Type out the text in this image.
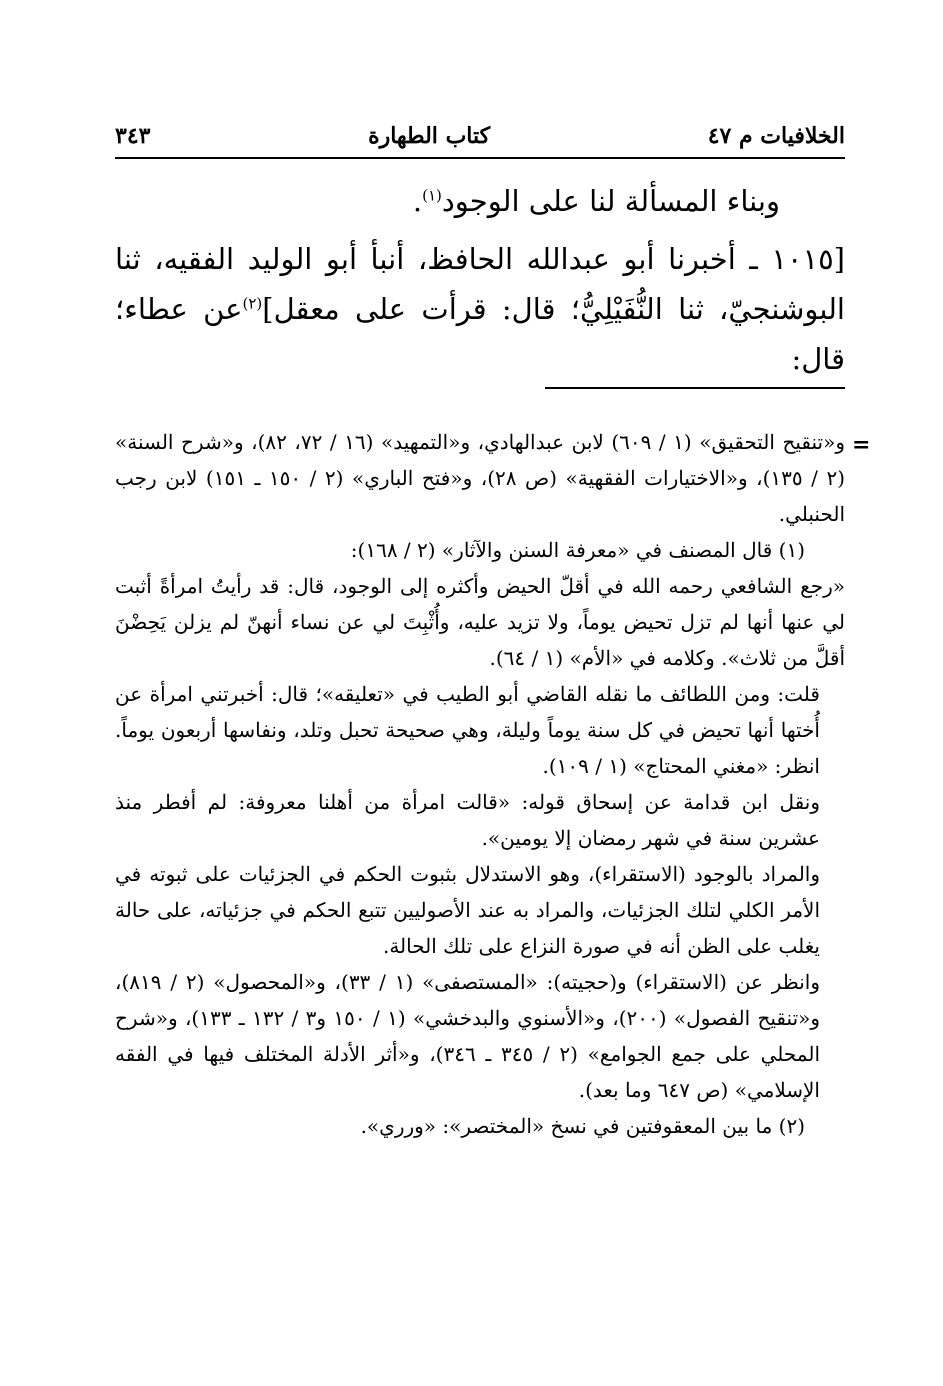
الخلافيات م ٤٧
كتاب الطهارة
٣٤٣

وبناء المسألة لنا على الوجود$^{(١)}$.

[١٠١٥ ـ أخبرنا أبو عبدالله الحافظ، أنبأ أبو الوليد الفقيه، ثنا البوشنجيّ، ثنا النُّفَيْلِيُّ؛ قال: قرأت على معقل]$^{(٢)}$عن عطاء؛ قال:

=

و«تنقيح التحقيق» (١ / ٦٠٩) لابن عبدالهادي، و«التمهيد» (١٦ / ٧٢، ٨٢)، و«شرح السنة» (٢ / ١٣٥)، و«الاختيارات الفقهية» (ص ٢٨)، و«فتح الباري» (٢ / ١٥٠ ـ ١٥١) لابن رجب الحنبلي.

(١) قال المصنف في «معرفة السنن والآثار» (٢ / ١٦٨):

«رجع الشافعي رحمه الله في أقلّ الحيض وأكثره إلى الوجود، قال: قد رأيتُ امرأةً أثبت لي عنها أنها لم تزل تحيض يوماً، ولا تزيد عليه، وأُثْبِتَ لي عن نساء أنهنّ لم يزلن يَحِضْنَ أقلَّ من ثلاث». وكلامه في «الأم» (١ / ٦٤).

قلت: ومن اللطائف ما نقله القاضي أبو الطيب في «تعليقه»؛ قال: أخبرتني امرأة عن أُختها أنها تحيض في كل سنة يوماً وليلة، وهي صحيحة تحبل وتلد، ونفاسها أربعون يوماً. انظر: «مغني المحتاج» (١ / ١٠٩).

ونقل ابن قدامة عن إسحاق قوله: «قالت امرأة من أهلنا معروفة: لم أفطر منذ عشرين سنة في شهر رمضان إلا يومين».

والمراد بالوجود (الاستقراء)، وهو الاستدلال بثبوت الحكم في الجزئيات على ثبوته في الأمر الكلي لتلك الجزئيات، والمراد به عند الأصوليين تتبع الحكم في جزئياته، على حالة يغلب على الظن أنه في صورة النزاع على تلك الحالة.

وانظر عن (الاستقراء) و(حجيته): «المستصفى» (١ / ٣٣)، و«المحصول» (٢ / ٨١٩)، و«تنقيح الفصول» (٢٠٠)، و«الأسنوي والبدخشي» (١ / ١٥٠ و٣ / ١٣٢ ـ ١٣٣)، و«شرح المحلي على جمع الجوامع» (٢ / ٣٤٥ ـ ٣٤٦)، و«أثر الأدلة المختلف فيها في الفقه الإسلامي» (ص ٦٤٧ وما بعد).

(٢) ما بين المعقوفتين في نسخ «المختصر»: «ورري».
